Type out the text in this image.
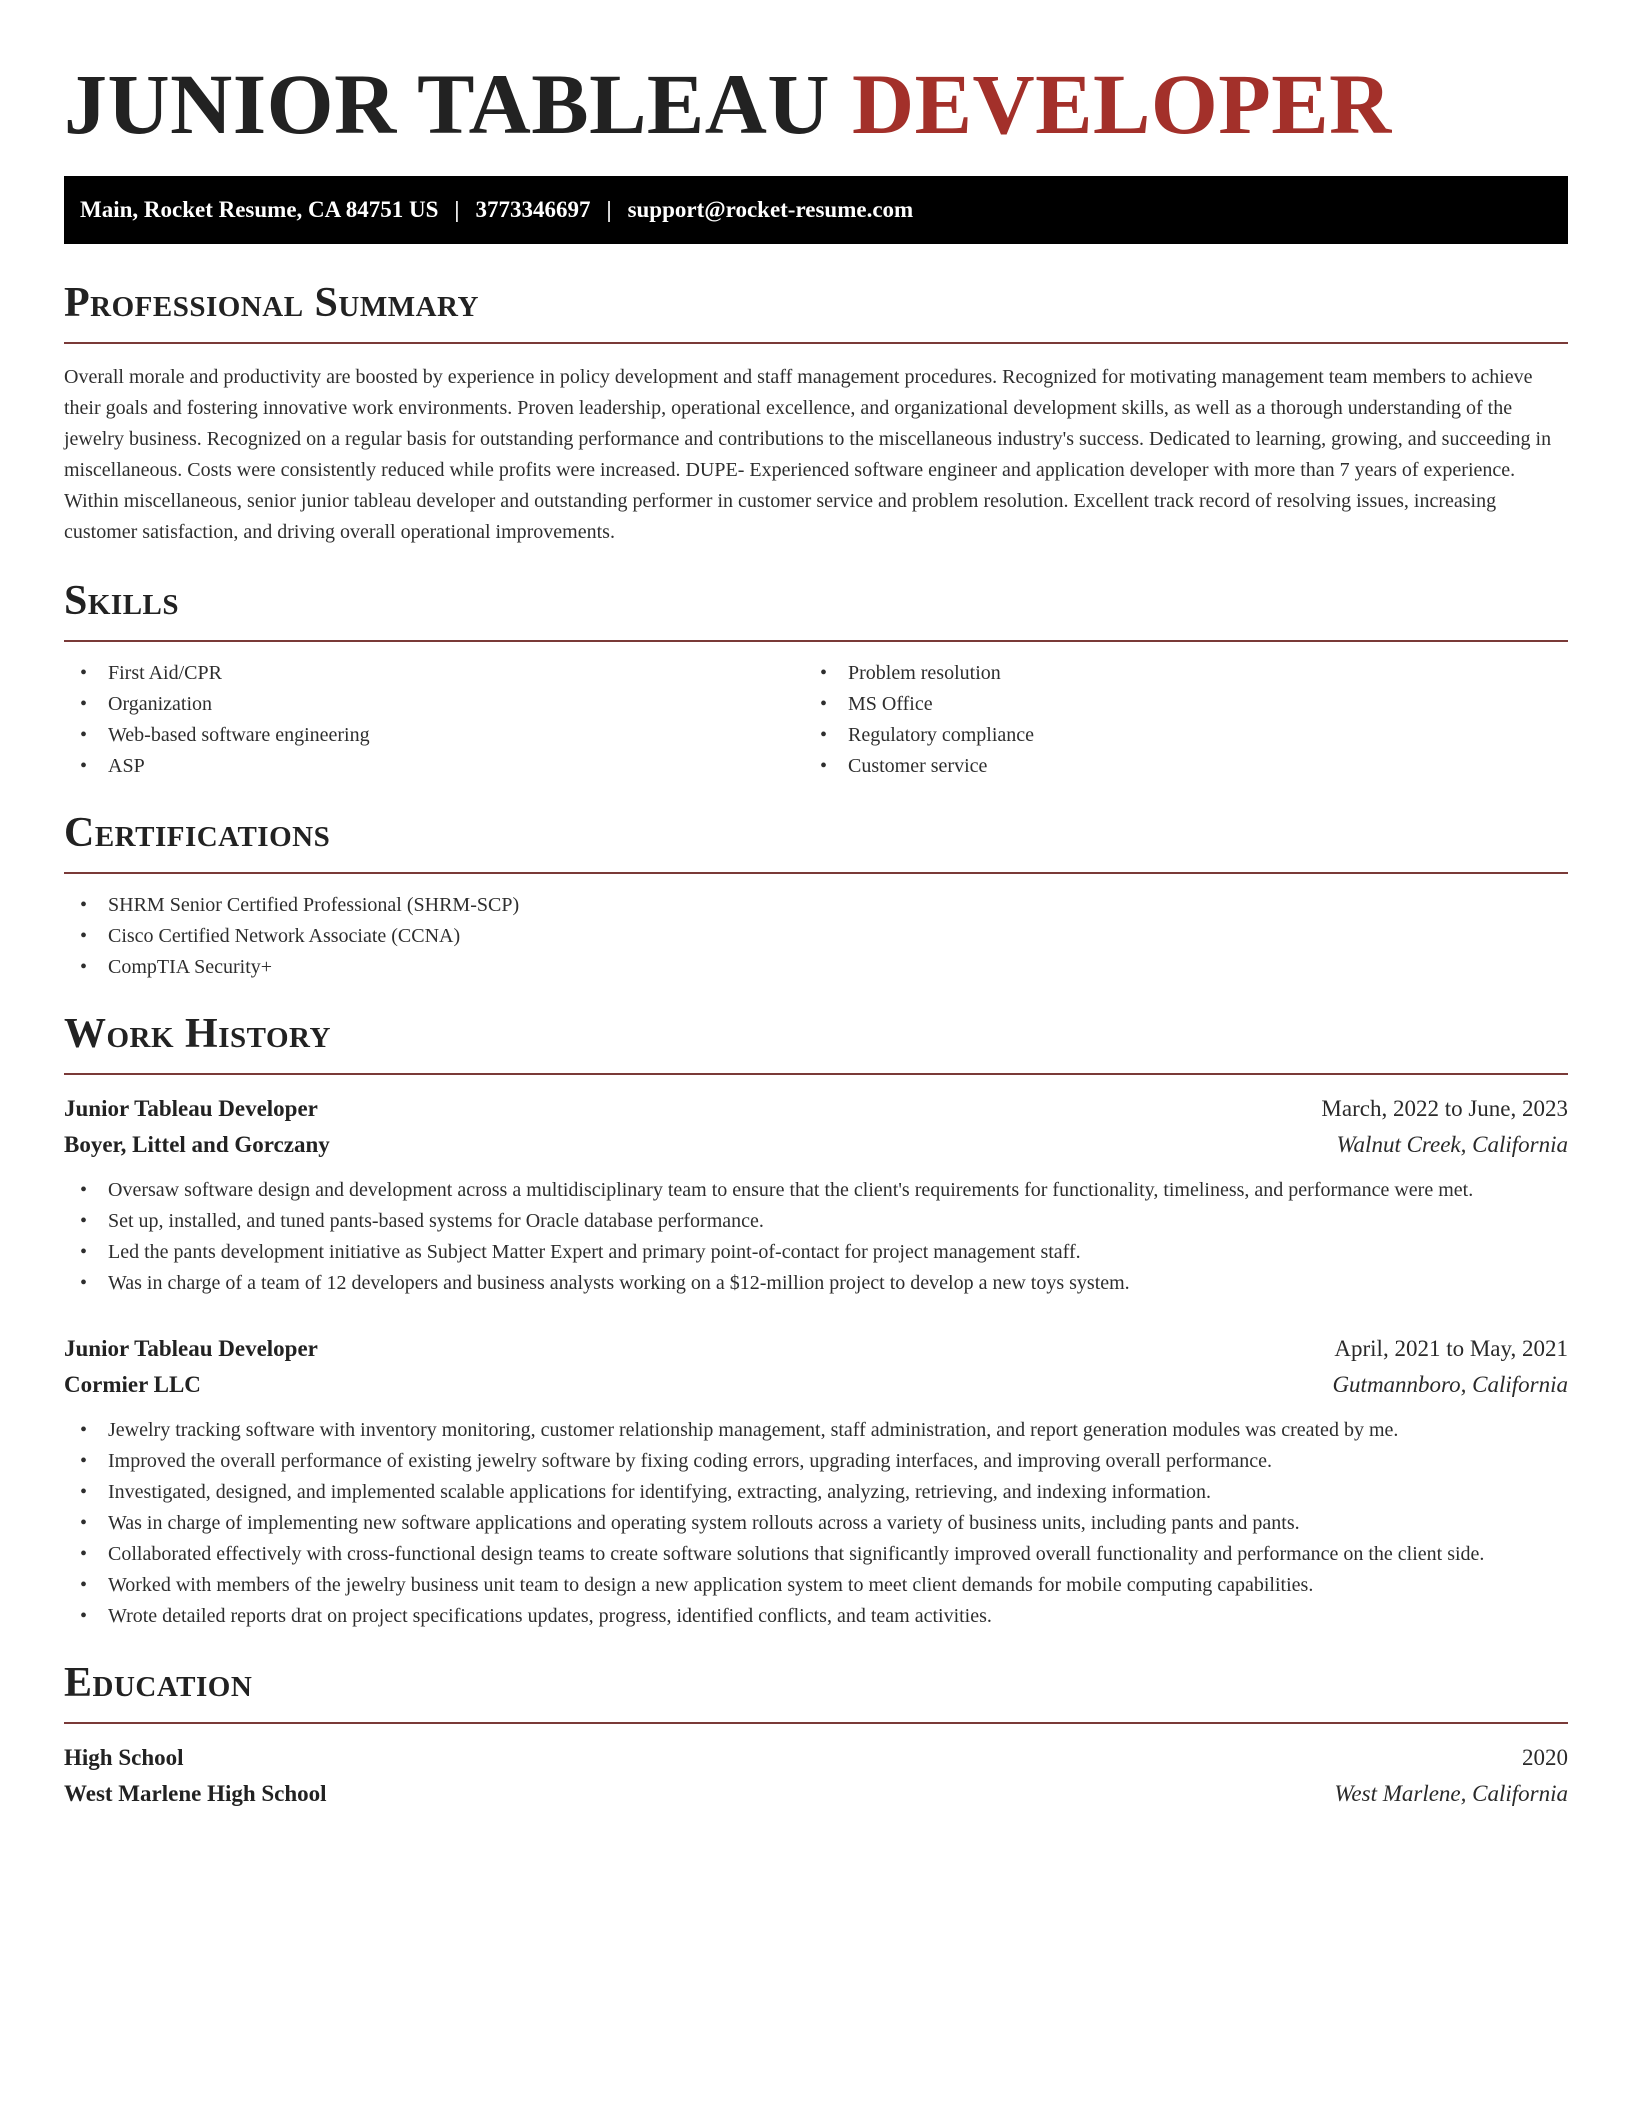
JUNIOR TABLEAU DEVELOPER
Main, Rocket Resume, CA 84751 US | 3773346697 | support@rocket-resume.com
Professional Summary

Overall morale and productivity are boosted by experience in policy development and staff management procedures. Recognized for motivating management team members to achieve their goals and fostering innovative work environments. Proven leadership, operational excellence, and organizational development skills, as well as a thorough understanding of the jewelry business. Recognized on a regular basis for outstanding performance and contributions to the miscellaneous industry's success. Dedicated to learning, growing, and succeeding in miscellaneous. Costs were consistently reduced while profits were increased. DUPE- Experienced software engineer and application developer with more than 7 years of experience. Within miscellaneous, senior junior tableau developer and outstanding performer in customer service and problem resolution. Excellent track record of resolving issues, increasing customer satisfaction, and driving overall operational improvements.

Skills
• First Aid/CPR
• Organization
• Web-based software engineering
• ASP
• Problem resolution
• MS Office
• Regulatory compliance
• Customer service
Certifications
• SHRM Senior Certified Professional (SHRM-SCP)
• Cisco Certified Network Associate (CCNA)
• CompTIA Security+
Work History
Junior Tableau Developer	March, 2022 to June, 2023
Boyer, Littel and Gorczany	Walnut Creek, California
• Oversaw software design and development across a multidisciplinary team to ensure that the client's requirements for functionality, timeliness, and performance were met.
• Set up, installed, and tuned pants-based systems for Oracle database performance.
• Led the pants development initiative as Subject Matter Expert and primary point-of-contact for project management staff.
• Was in charge of a team of 12 developers and business analysts working on a $12-million project to develop a new toys system.
Junior Tableau Developer	April, 2021 to May, 2021
Cormier LLC	Gutmannboro, California
• Jewelry tracking software with inventory monitoring, customer relationship management, staff administration, and report generation modules was created by me.
• Improved the overall performance of existing jewelry software by fixing coding errors, upgrading interfaces, and improving overall performance.
• Investigated, designed, and implemented scalable applications for identifying, extracting, analyzing, retrieving, and indexing information.
• Was in charge of implementing new software applications and operating system rollouts across a variety of business units, including pants and pants.
• Collaborated effectively with cross-functional design teams to create software solutions that significantly improved overall functionality and performance on the client side.
• Worked with members of the jewelry business unit team to design a new application system to meet client demands for mobile computing capabilities.
• Wrote detailed reports drat on project specifications updates, progress, identified conflicts, and team activities.
Education
High School	2020
West Marlene High School	West Marlene, California
